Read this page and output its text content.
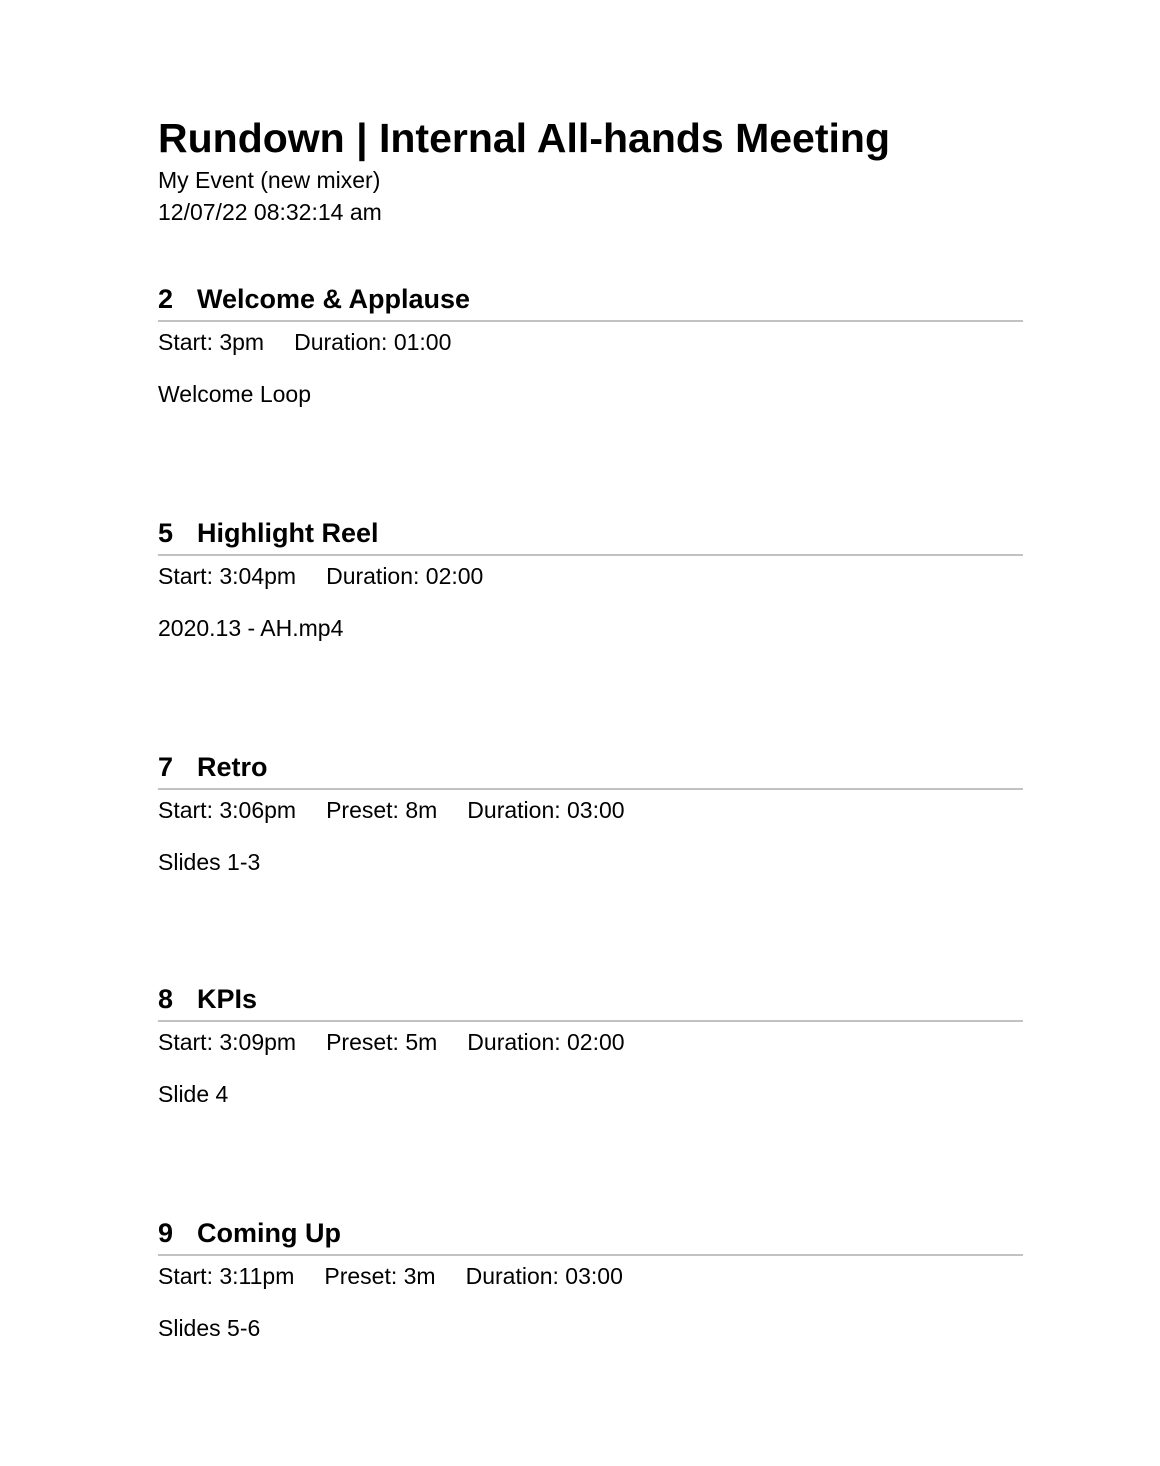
Rundown | Internal All-hands Meeting
My Event (new mixer)
12/07/22 08:32:14 am
2 Welcome & Applause
Start: 3pm Duration: 01:00
Welcome Loop
5 Highlight Reel
Start: 3:04pm Duration: 02:00
2020.13 - AH.mp4
7 Retro
Start: 3:06pm Preset: 8m Duration: 03:00
Slides 1-3
8 KPIs
Start: 3:09pm Preset: 5m Duration: 02:00
Slide 4
9 Coming Up
Start: 3:11pm Preset: 3m Duration: 03:00
Slides 5-6
